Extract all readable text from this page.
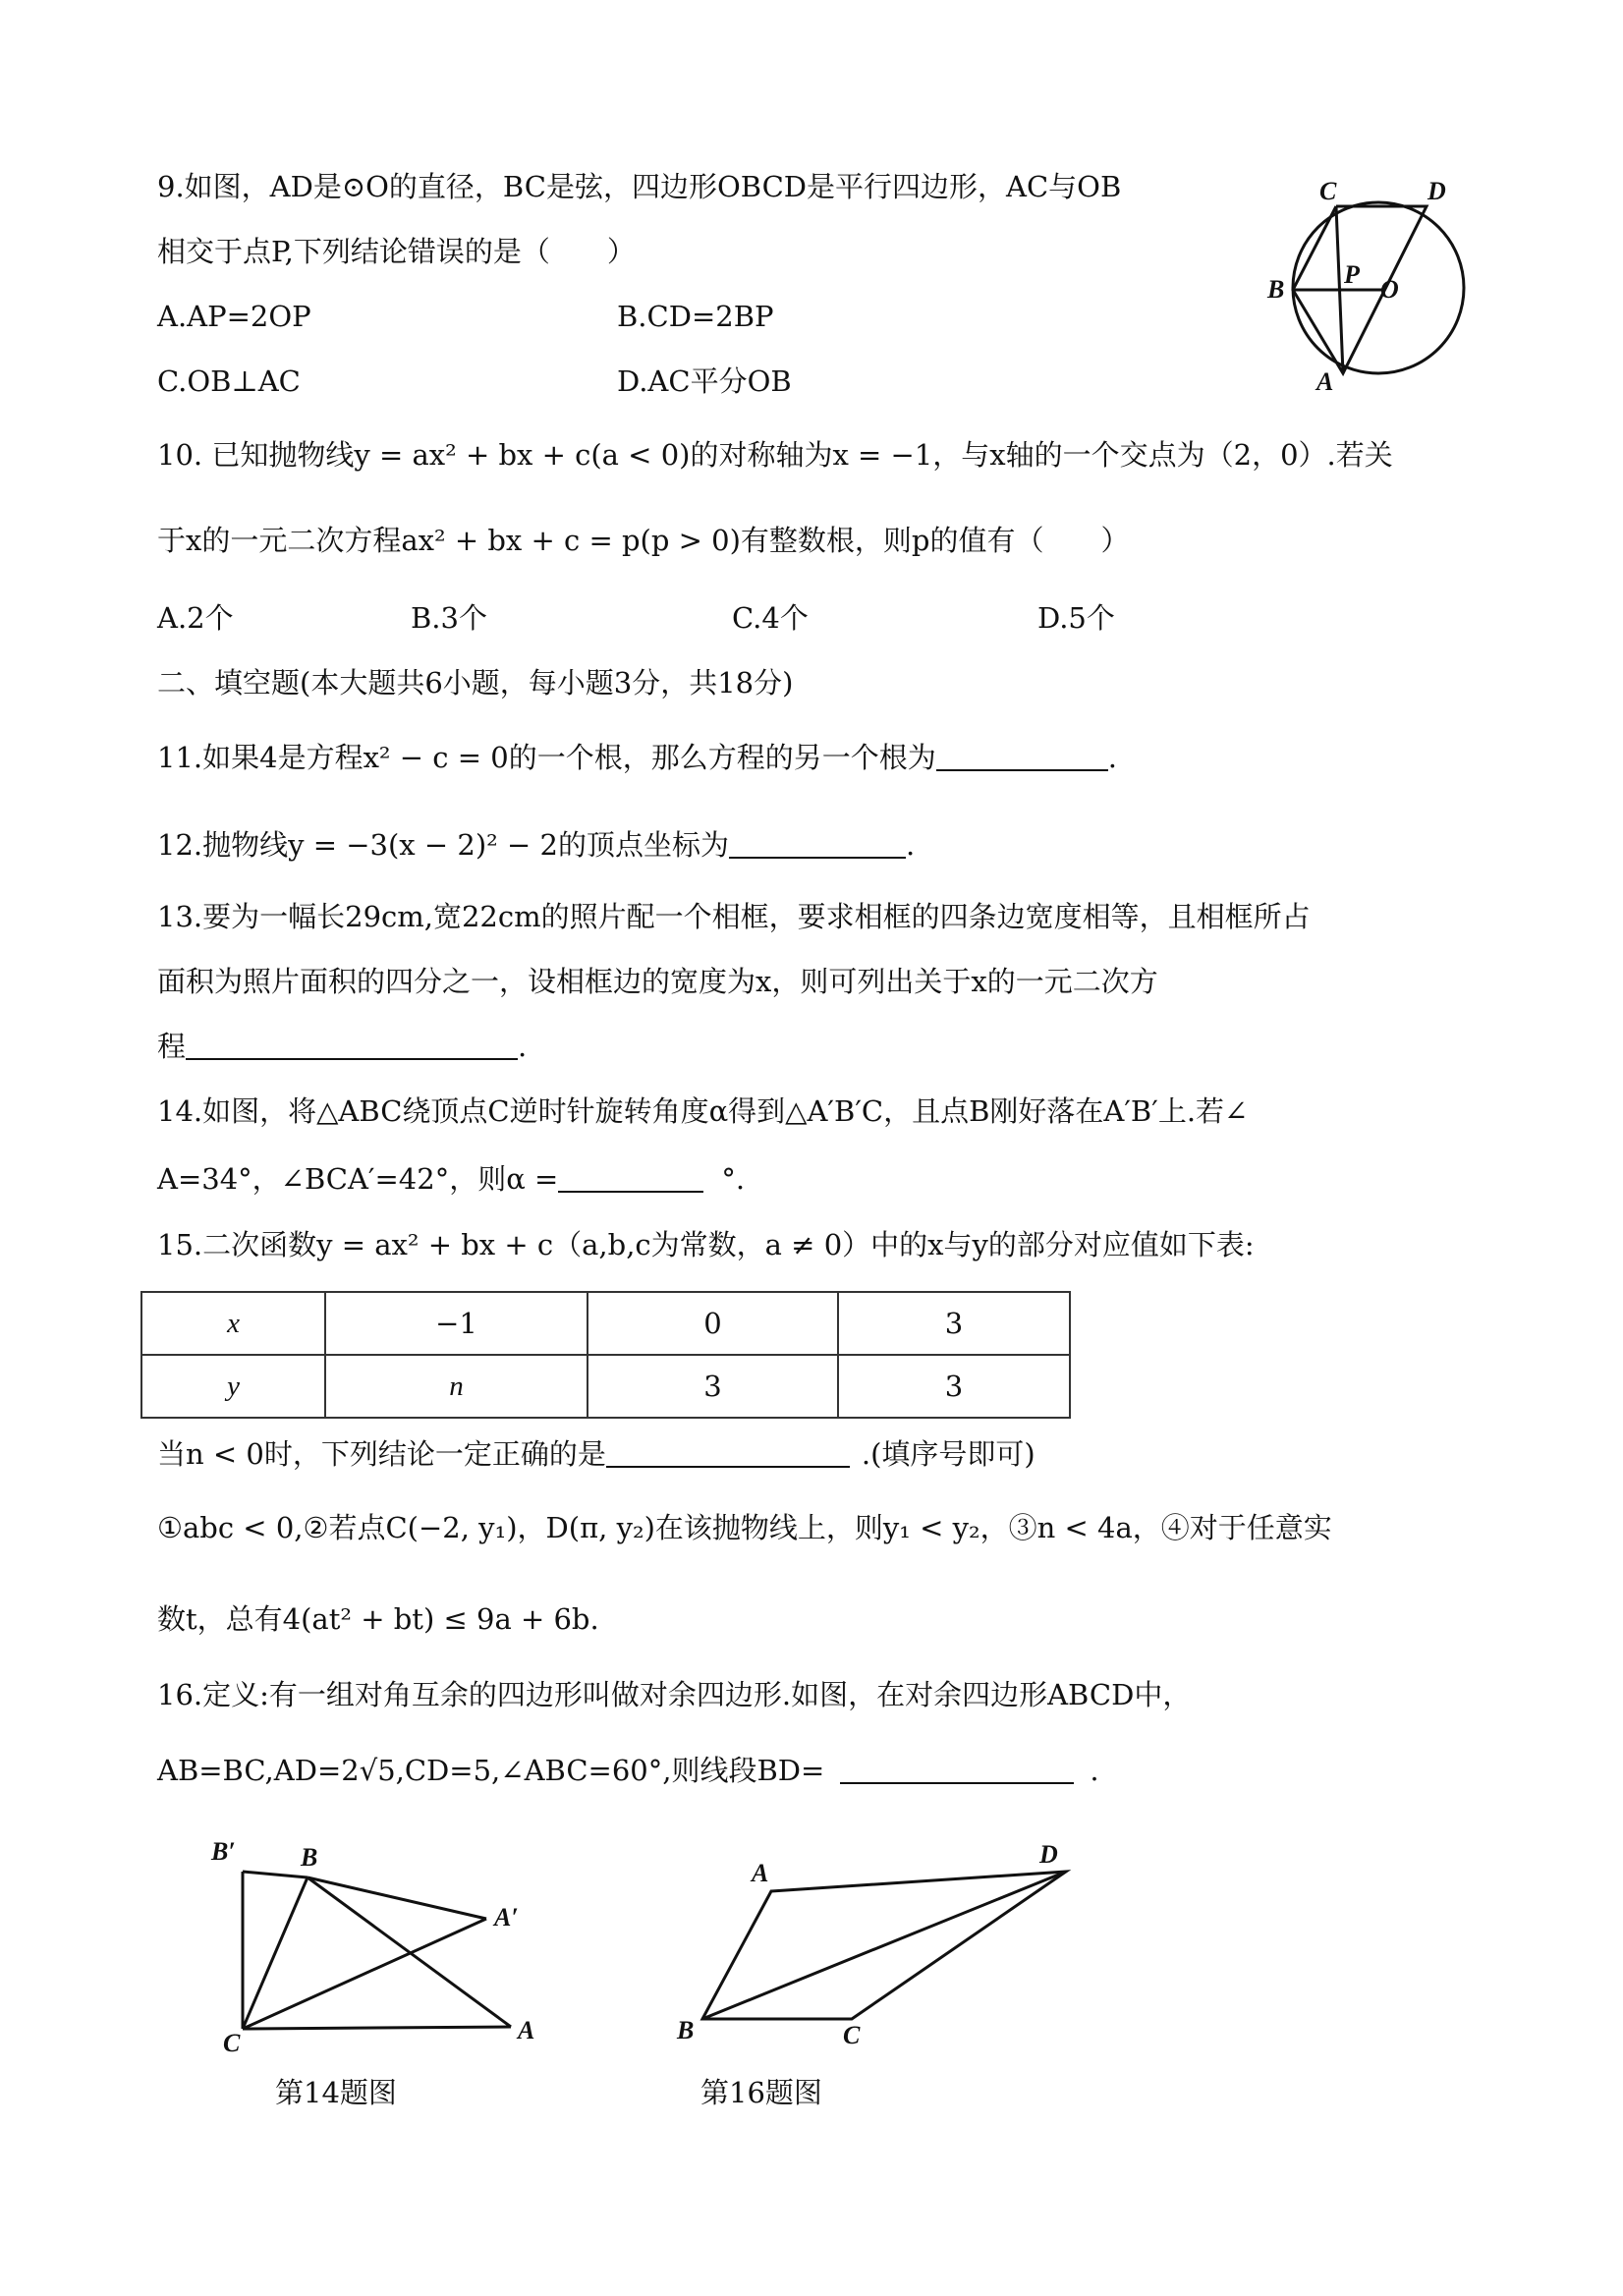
9.如图，AD是⊙O的直径，BC是弦，四边形OBCD是平行四边形，AC与OB
相交于点P,下列结论错误的是（　　）
A.AP=2OP	B.CD=2BP
C.OB⊥AC	D.AC平分OB
C	D
B
P
O
A
10. 已知抛物线y = ax² + bx + c(a < 0)的对称轴为x = −1，与x轴的一个交点为（2，0）.若关
于x的一元二次方程ax² + bx + c = p(p > 0)有整数根，则p的值有（　　）
A.2个	B.3个	C.4个	D.5个
二、填空题(本大题共6小题，每小题3分，共18分)
11.如果4是方程x² − c = 0的一个根，那么方程的另一个根为	.
12.抛物线y = −3(x − 2)² − 2的顶点坐标为	.
13.要为一幅长29cm,宽22cm的照片配一个相框，要求相框的四条边宽度相等，且相框所占
面积为照片面积的四分之一，设相框边的宽度为x，则可列出关于x的一元二次方
程	.
14.如图，将△ABC绕顶点C逆时针旋转角度α得到△A′B′C，且点B刚好落在A′B′上.若∠
A=34°，∠BCA′=42°，则α =	°.
15.二次函数y = ax² + bx + c（a,b,c为常数，a ≠ 0）中的x与y的部分对应值如下表:
x	−1	0	3
y	n	3	3
当n < 0时，下列结论一定正确的是	.(填序号即可)
①abc < 0,②若点C(−2, y₁)，D(π, y₂)在该抛物线上，则y₁ < y₂，③n < 4a，④对于任意实
数t，总有4(at² + bt) ≤ 9a + 6b.
16.定义:有一组对角互余的四边形叫做对余四边形.如图，在对余四边形ABCD中，
AB=BC,AD=2√5,CD=5,∠ABC=60°,则线段BD=	.
B′	B
A′
C	A
第14题图
A
D
B	C
第16题图
